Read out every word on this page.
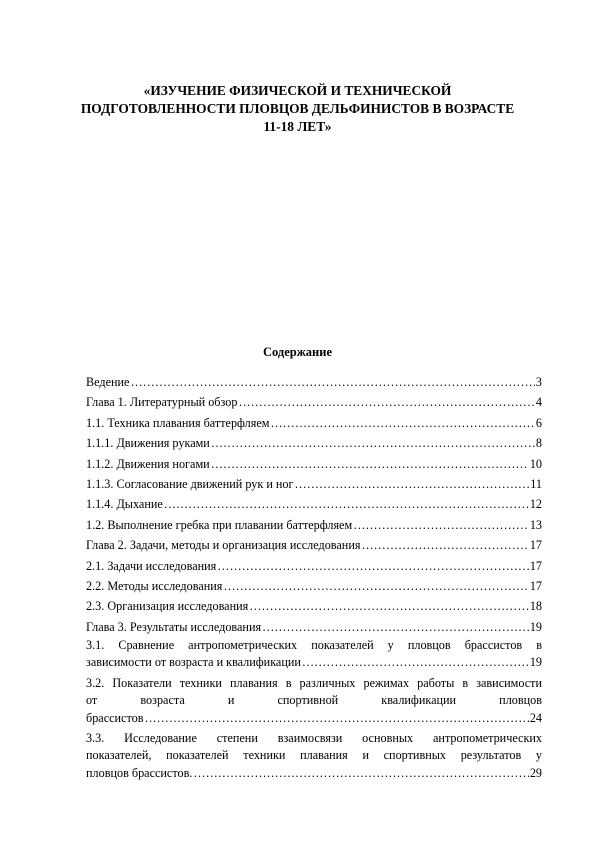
«ИЗУЧЕНИЕ ФИЗИЧЕСКОЙ И ТЕХНИЧЕСКОЙ
ПОДГОТОВЛЕННОСТИ ПЛОВЦОВ ДЕЛЬФИНИСТОВ В ВОЗРАСТЕ
11-18 ЛЕТ»
Содержание
Ведение ………………………………………………………………………………………………………………………………………………………………	3
Глава 1. Литературный обзор ………………………………………………………………………………………………………………………………………………………………	4
1.1. Техника плавания баттерфляем ………………………………………………………………………………………………………………………………………………………………	6
1.1.1. Движения руками ………………………………………………………………………………………………………………………………………………………………	8
1.1.2. Движения ногами ………………………………………………………………………………………………………………………………………………………………	10
1.1.3. Согласование движений рук и ног ………………………………………………………………………………………………………………………………………………………………	11
1.1.4. Дыхание ………………………………………………………………………………………………………………………………………………………………	12
1.2. Выполнение гребка при плавании баттерфляем ………………………………………………………………………………………………………………………………………………………………	13
Глава 2. Задачи, методы и организация исследования ………………………………………………………………………………………………………………………………………………………………	17
2.1. Задачи исследования ………………………………………………………………………………………………………………………………………………………………	17
2.2. Методы исследования ………………………………………………………………………………………………………………………………………………………………	17
2.3. Организация исследования ………………………………………………………………………………………………………………………………………………………………	18
Глава 3. Результаты исследования ………………………………………………………………………………………………………………………………………………………………	19
3.1. Сравнение антропометрических показателей у пловцов брассистов в
зависимости от возраста и квалификации ………………………………………………………………………………………………………………………………………………………………	19
3.2. Показатели техники плавания в различных режимах работы в зависимости
от возраста и спортивной квалификации пловцов
брассистов ………………………………………………………………………………………………………………………………………………………………	24
3.3. Исследование степени взаимосвязи основных антропометрических
показателей, показателей техники плавания и спортивных результатов у
пловцов брассистов. ………………………………………………………………………………………………………………………………………………………………	29
